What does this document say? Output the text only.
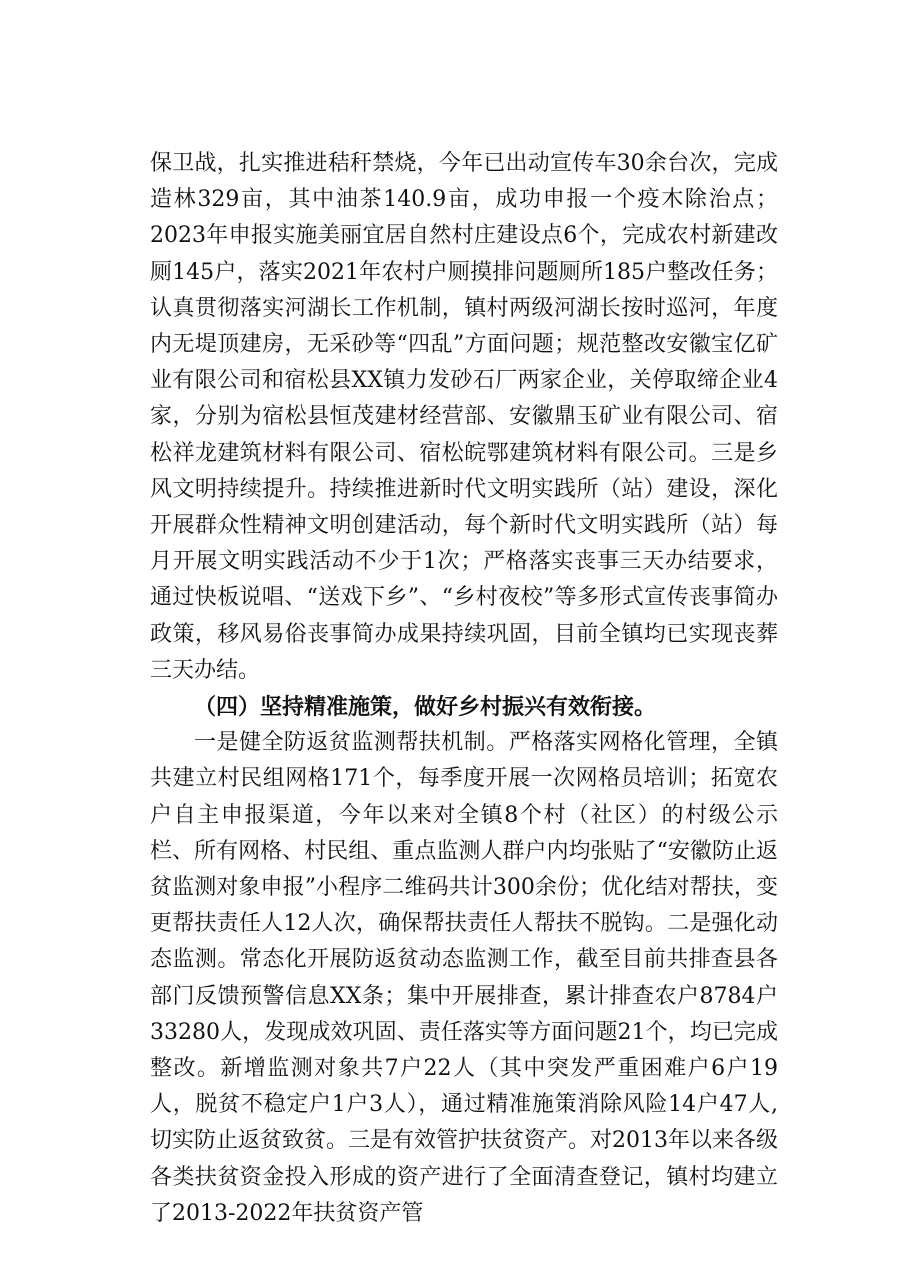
保卫战，扎实推进秸秆禁烧，今年已出动宣传车30余台次，完成造林329亩，其中油茶140.9亩，成功申报一个疫木除治点；2023年申报实施美丽宜居自然村庄建设点6个，完成农村新建改厕145户，落实2021年农村户厕摸排问题厕所185户整改任务；认真贯彻落实河湖长工作机制，镇村两级河湖长按时巡河，年度内无堤顶建房，无采砂等“四乱”方面问题；规范整改安徽宝亿矿业有限公司和宿松县XX镇力发砂石厂两家企业，关停取缔企业4家，分别为宿松县恒茂建材经营部、安徽鼎玉矿业有限公司、宿松祥龙建筑材料有限公司、宿松皖鄂建筑材料有限公司。三是乡风文明持续提升。持续推进新时代文明实践所（站）建设，深化开展群众性精神文明创建活动，每个新时代文明实践所（站）每月开展文明实践活动不少于1次；严格落实丧事三天办结要求，通过快板说唱、“送戏下乡”、“乡村夜校”等多形式宣传丧事简办政策，移风易俗丧事简办成果持续巩固，目前全镇均已实现丧葬三天办结。

（四）坚持精准施策，做好乡村振兴有效衔接。

一是健全防返贫监测帮扶机制。严格落实网格化管理，全镇共建立村民组网格171个，每季度开展一次网格员培训；拓宽农户自主申报渠道，今年以来对全镇8个村（社区）的村级公示栏、所有网格、村民组、重点监测人群户内均张贴了“安徽防止返贫监测对象申报”小程序二维码共计300余份；优化结对帮扶，变更帮扶责任人12人次，确保帮扶责任人帮扶不脱钩。二是强化动态监测。常态化开展防返贫动态监测工作，截至目前共排查县各部门反馈预警信息XX条；集中开展排查，累计排查农户8784户33280人，发现成效巩固、责任落实等方面问题21个，均已完成整改。新增监测对象共7户22人（其中突发严重困难户6户19人，脱贫不稳定户1户3人），通过精准施策消除风险14户47人,切实防止返贫致贫。三是有效管护扶贫资产。对2013年以来各级各类扶贫资金投入形成的资产进行了全面清查登记，镇村均建立了2013-2022年扶贫资产管
